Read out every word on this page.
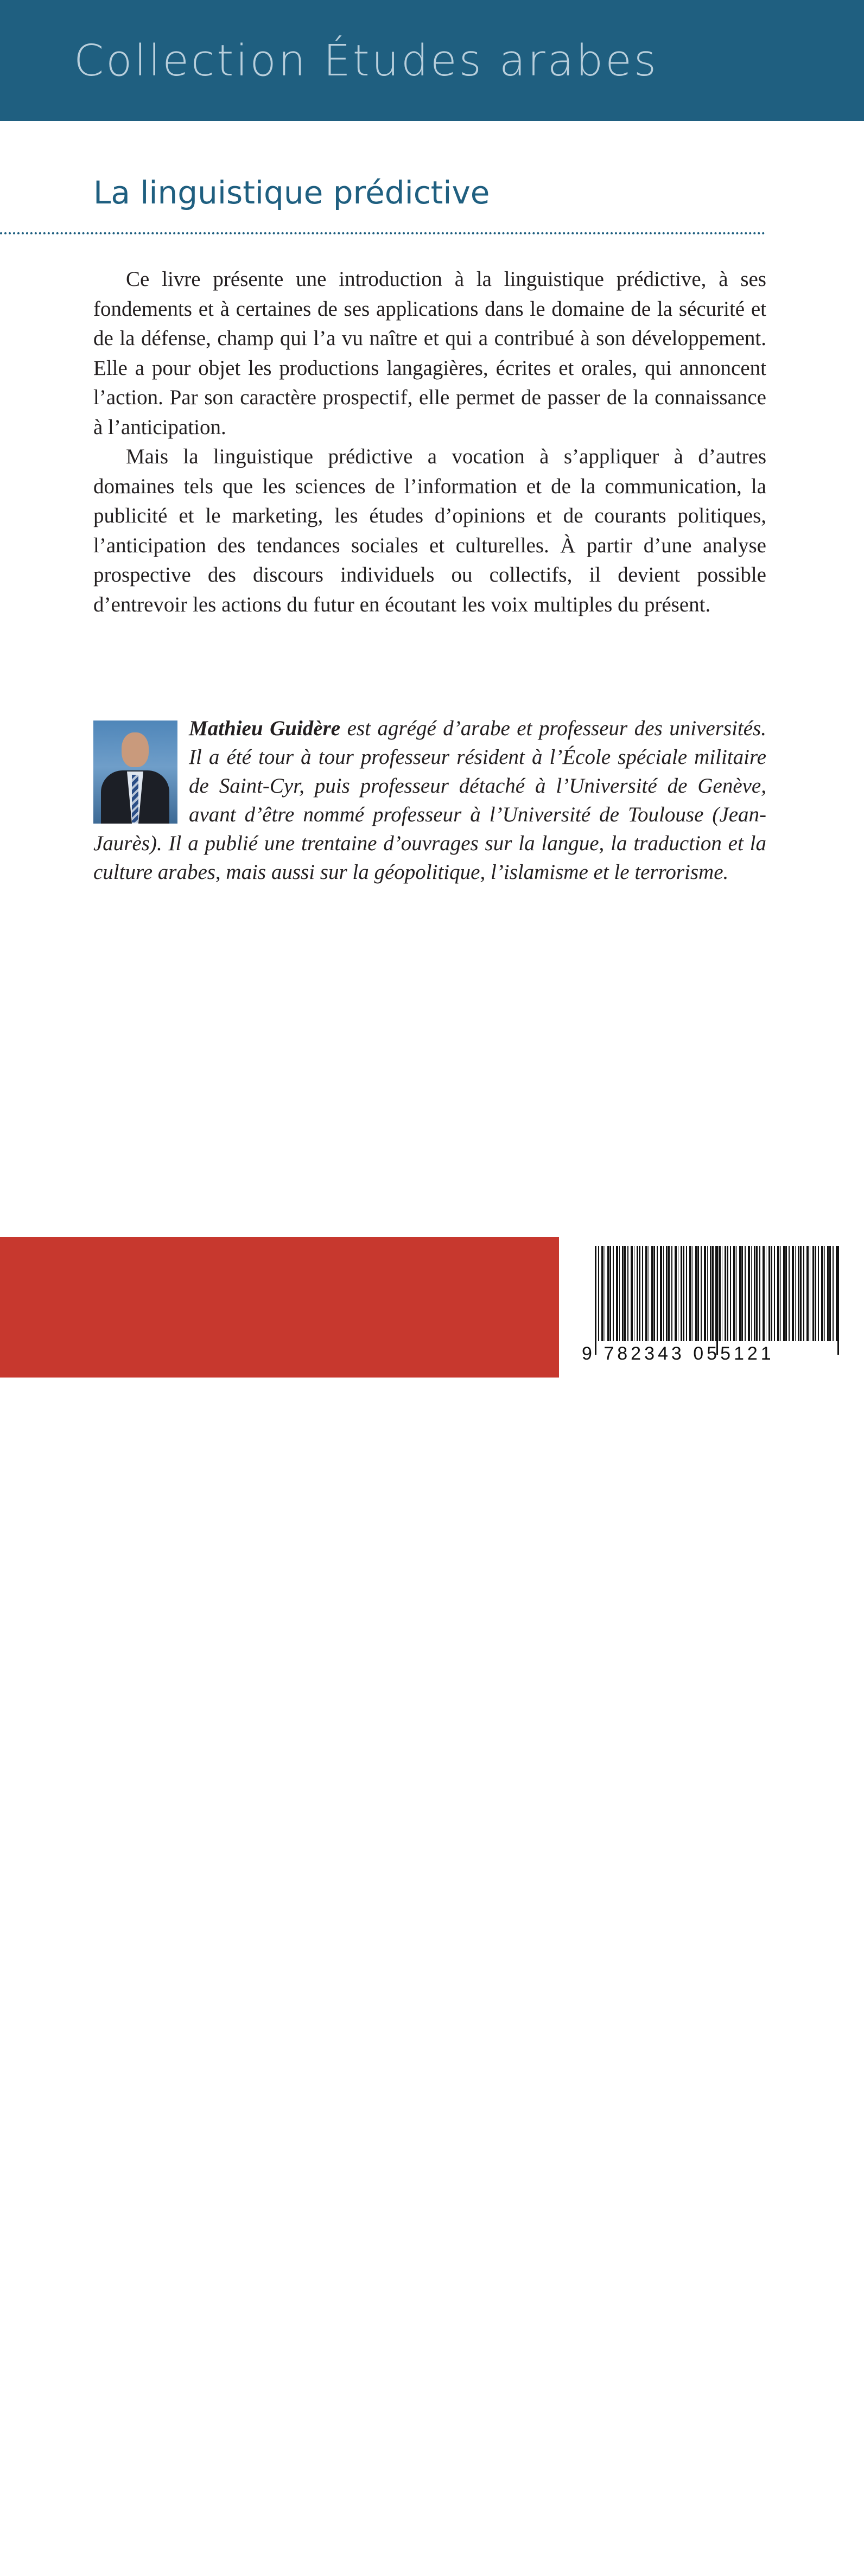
Collection Études arabes
La linguistique prédictive

Ce livre présente une introduction à la linguistique prédictive, à ses fondements et à certaines de ses applications dans le domaine de la sécurité et de la défense, champ qui l’a vu naître et qui a contribué à son développement. Elle a pour objet les productions langagières, écrites et orales, qui annoncent l’action. Par son caractère prospectif, elle permet de passer de la connaissance à l’anticipation.

Mais la linguistique prédictive a vocation à s’appliquer à d’autres domaines tels que les sciences de l’information et de la communication, la publicité et le marketing, les études d’opinions et de courants politiques, l’anticipation des tendances sociales et culturelles. À partir d’une analyse prospective des discours individuels ou collectifs, il devient possible d’entrevoir les actions du futur en écoutant les voix multiples du présent.

Mathieu Guidère est agrégé d’arabe et professeur des universités. Il a été tour à tour professeur résident à l’École spéciale militaire de Saint-Cyr, puis professeur détaché à l’Université de Genève, avant d’être nommé professeur à l’Université de Toulouse (Jean-Jaurès). Il a publié une trentaine d’ouvrages sur la langue, la traduction et la culture arabes, mais aussi sur la géopolitique, l’islamisme et le terrorisme.
ISBN : 978-2-343-05512-1
24,50 €
9 782343 055121
